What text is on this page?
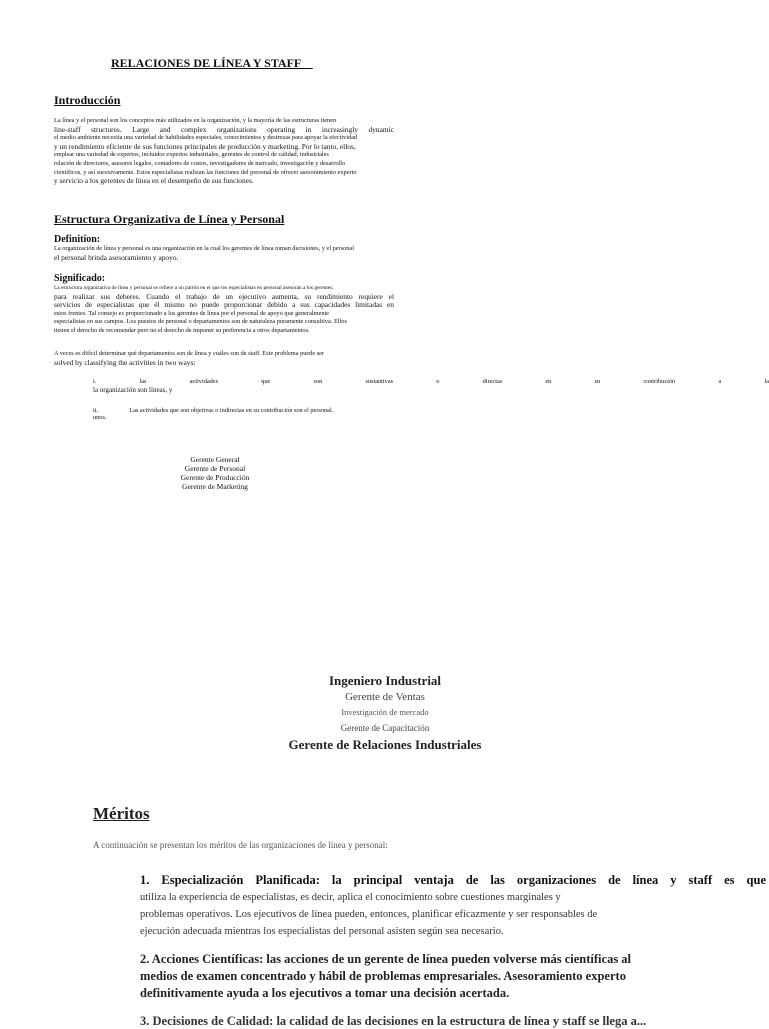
RELACIONES DE LÍNEA Y STAFF
Introducción
La línea y el personal son los conceptos más utilizados en la organización, y la mayoría de las estructuras tienen
line-staff structures. Large and complex organizations operating in increasingly dynamic
el medio ambiente necesita una variedad de habilidades especiales, conocimientos y destrezas para apoyar la efectividad
y un rendimiento eficiente de sus funciones principales de producción y marketing. Por lo tanto, ellos,
emplear una variedad de expertos, incluidos expertos industriales, gerentes de control de calidad, industriales
relación de directores, asesores legales, contadores de costos, investigadores de mercado, investigación y desarrollo
científicos, y así sucesivamente. Estos especialistas realizan las funciones del personal de ofrecer asesoramiento experto
y servicio a los gerentes de línea en el desempeño de sus funciones.
Estructura Organizativa de Línea y Personal
Definition:
La organización de línea y personal es una organización en la cual los gerentes de línea toman decisiones, y el personal
el personal brinda asesoramiento y apoyo.
Significado:
La estructura organizativa de línea y personal se refiere a un patrón en el que los especialistas en personal asesoran a los gerentes.
para realizar sus deberes. Cuando el trabajo de un ejecutivo aumenta, su rendimiento requiere el
servicios de especialistas que él mismo no puede proporcionar debido a sus capacidades limitadas en
estos frentes. Tal consejo es proporcionado a los gerentes de línea por el personal de apoyo que generalmente
especialistas en sus campos. Los puestos de personal o departamentos son de naturaleza puramente consultiva. Ellos
tienen el derecho de recomendar pero no el derecho de imponer su preferencia a otros departamentos.
A veces es difícil determinar qué departamentos son de línea y cuáles son de staff. Este problema puede ser
solved by classifying the activities in two ways:
i.	las	actividades	que	son	sustantivas	o	directas	en	su	contribución	a	la
la organización son líneas, y
ii.	Las actividades que son objetivas o indirectas en su contribución son el personal.
unos.
Gerente General
Gerente de Personal
Gerente de Producción
Gerente de Marketing
Ingeniero Industrial
Gerente de Ventas
Investigación de mercado
Gerente de Capacitación
Gerente de Relaciones Industriales
Méritos
A continuación se presentan los méritos de las organizaciones de línea y personal:
1. Especialización Planificada: la principal ventaja de las organizaciones de línea y staff es que
utiliza la experiencia de especialistas, es decir, aplica el conocimiento sobre cuestiones marginales y
problemas operativos. Los ejecutivos de línea pueden, entonces, planificar eficazmente y ser responsables de
ejecución adecuada mientras los especialistas del personal asisten según sea necesario.
2. Acciones Científicas: las acciones de un gerente de línea pueden volverse más científicas al
medios de examen concentrado y hábil de problemas empresariales. Asesoramiento experto
definitivamente ayuda a los ejecutivos a tomar una decisión acertada.
3. Decisiones de Calidad: la calidad de las decisiones en la estructura de línea y staff se llega a...
